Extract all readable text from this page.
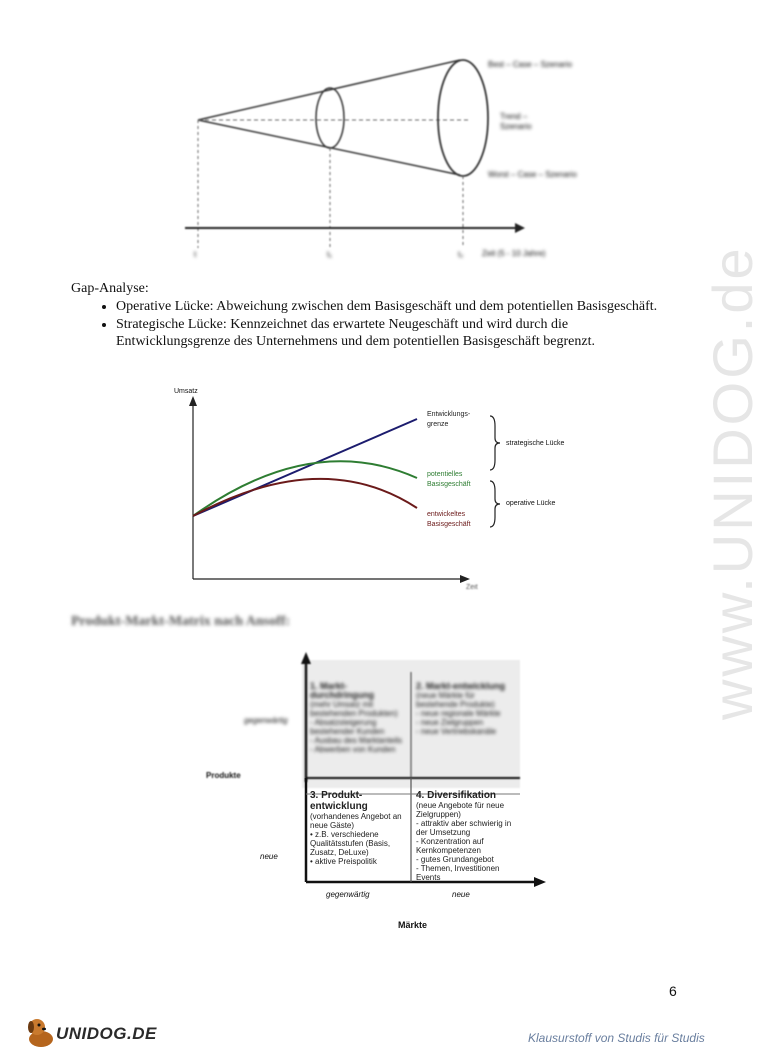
www.UNIDOG.de
Best – Case – Szenario
Trend – Szenario
Worst – Case – Szenario
t	t₁	t₂ Zeit (5 - 10 Jahre)
Gap-Analyse:
• Operative Lücke: Abweichung zwischen dem Basisgeschäft und dem potentiellen Basisgeschäft.
• Strategische Lücke: Kennzeichnet das erwartete Neugeschäft und wird durch die Entwicklungsgrenze des Unternehmens und dem potentiellen Basisgeschäft begrenzt.
Umsatz
Zeit
Entwicklungs-
grenze
potentielles
Basisgeschäft
entwickeltes
Basisgeschäft
strategische Lücke
operative Lücke
Produkt-Markt-Matrix nach Ansoff:
1. Markt-durchdringung
(mehr Umsatz mit bestehenden Produkten)
- Absatzsteigerung bestehender Kunden
- Ausbau des Marktanteils
- Abwerben von Kunden
2. Markt-entwicklung
(neue Märkte für bestehende Produkte)
- neue regionale Märkte
- neue Zielgruppen
- neue Vertriebskanäle
3. Produkt-entwicklung
(vorhandenes Angebot an neue Gäste)
• z.B. verschiedene Qualitätsstufen (Basis, Zusatz, DeLuxe)
• aktive Preispolitik
4. Diversifikation
(neue Angebote für neue Zielgruppen)
- attraktiv aber schwierig in der Umsetzung
- Konzentration auf Kernkompetenzen
- gutes Grundangebot
- Themen, Investitionen Events
gegenwärtig
neue
Produkte
gegenwärtig	neue
Märkte
6
UNIDOG.DE	Klausurstoff von Studis für Studis
